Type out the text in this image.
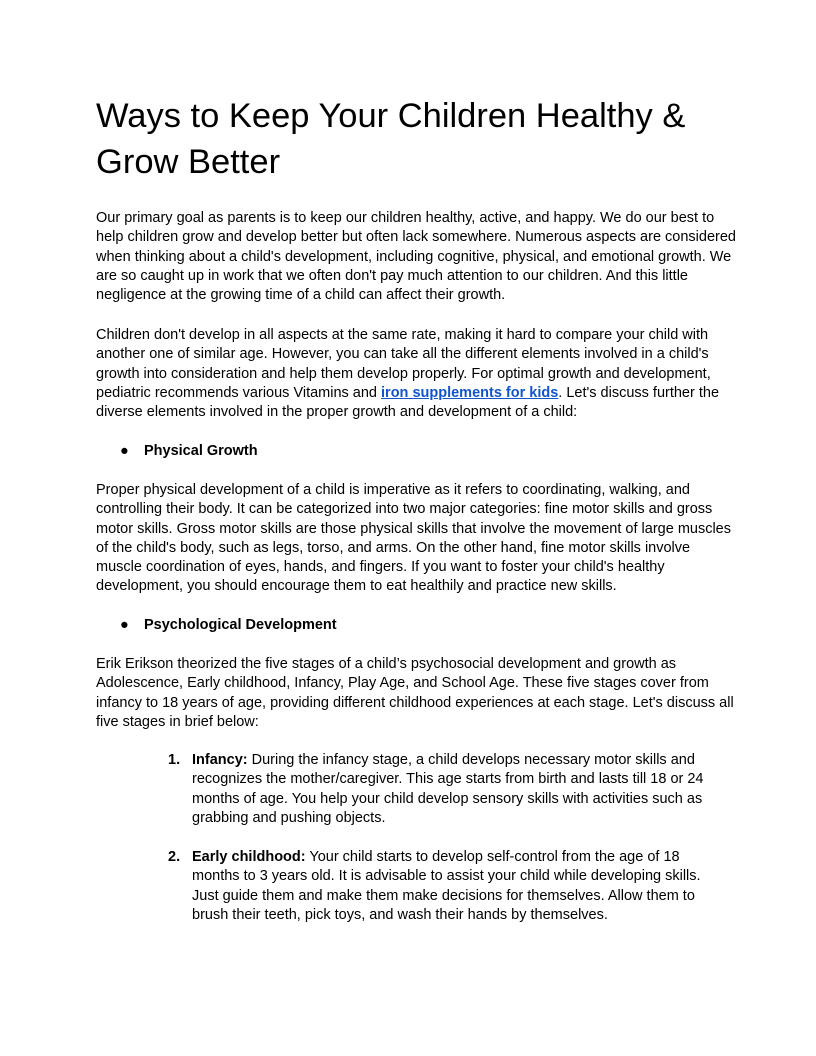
Ways to Keep Your Children Healthy & Grow Better

Our primary goal as parents is to keep our children healthy, active, and happy. We do our best to help children grow and develop better but often lack somewhere. Numerous aspects are considered when thinking about a child's development, including cognitive, physical, and emotional growth. We are so caught up in work that we often don't pay much attention to our children. And this little negligence at the growing time of a child can affect their growth.

Children don't develop in all aspects at the same rate, making it hard to compare your child with another one of similar age. However, you can take all the different elements involved in a child's growth into consideration and help them develop properly. For optimal growth and development, pediatric recommends various Vitamins and iron supplements for kids. Let's discuss further the diverse elements involved in the proper growth and development of a child:

● Physical Growth

Proper physical development of a child is imperative as it refers to coordinating, walking, and controlling their body. It can be categorized into two major categories: fine motor skills and gross motor skills. Gross motor skills are those physical skills that involve the movement of large muscles of the child's body, such as legs, torso, and arms. On the other hand, fine motor skills involve muscle coordination of eyes, hands, and fingers. If you want to foster your child's healthy development, you should encourage them to eat healthily and practice new skills.

● Psychological Development

Erik Erikson theorized the five stages of a child’s psychosocial development and growth as Adolescence, Early childhood, Infancy, Play Age, and School Age. These five stages cover from infancy to 18 years of age, providing different childhood experiences at each stage. Let's discuss all five stages in brief below:

1. Infancy: During the infancy stage, a child develops necessary motor skills and recognizes the mother/caregiver. This age starts from birth and lasts till 18 or 24 months of age. You help your child develop sensory skills with activities such as grabbing and pushing objects.
2. Early childhood: Your child starts to develop self-control from the age of 18 months to 3 years old. It is advisable to assist your child while developing skills. Just guide them and make them make decisions for themselves. Allow them to brush their teeth, pick toys, and wash their hands by themselves.
